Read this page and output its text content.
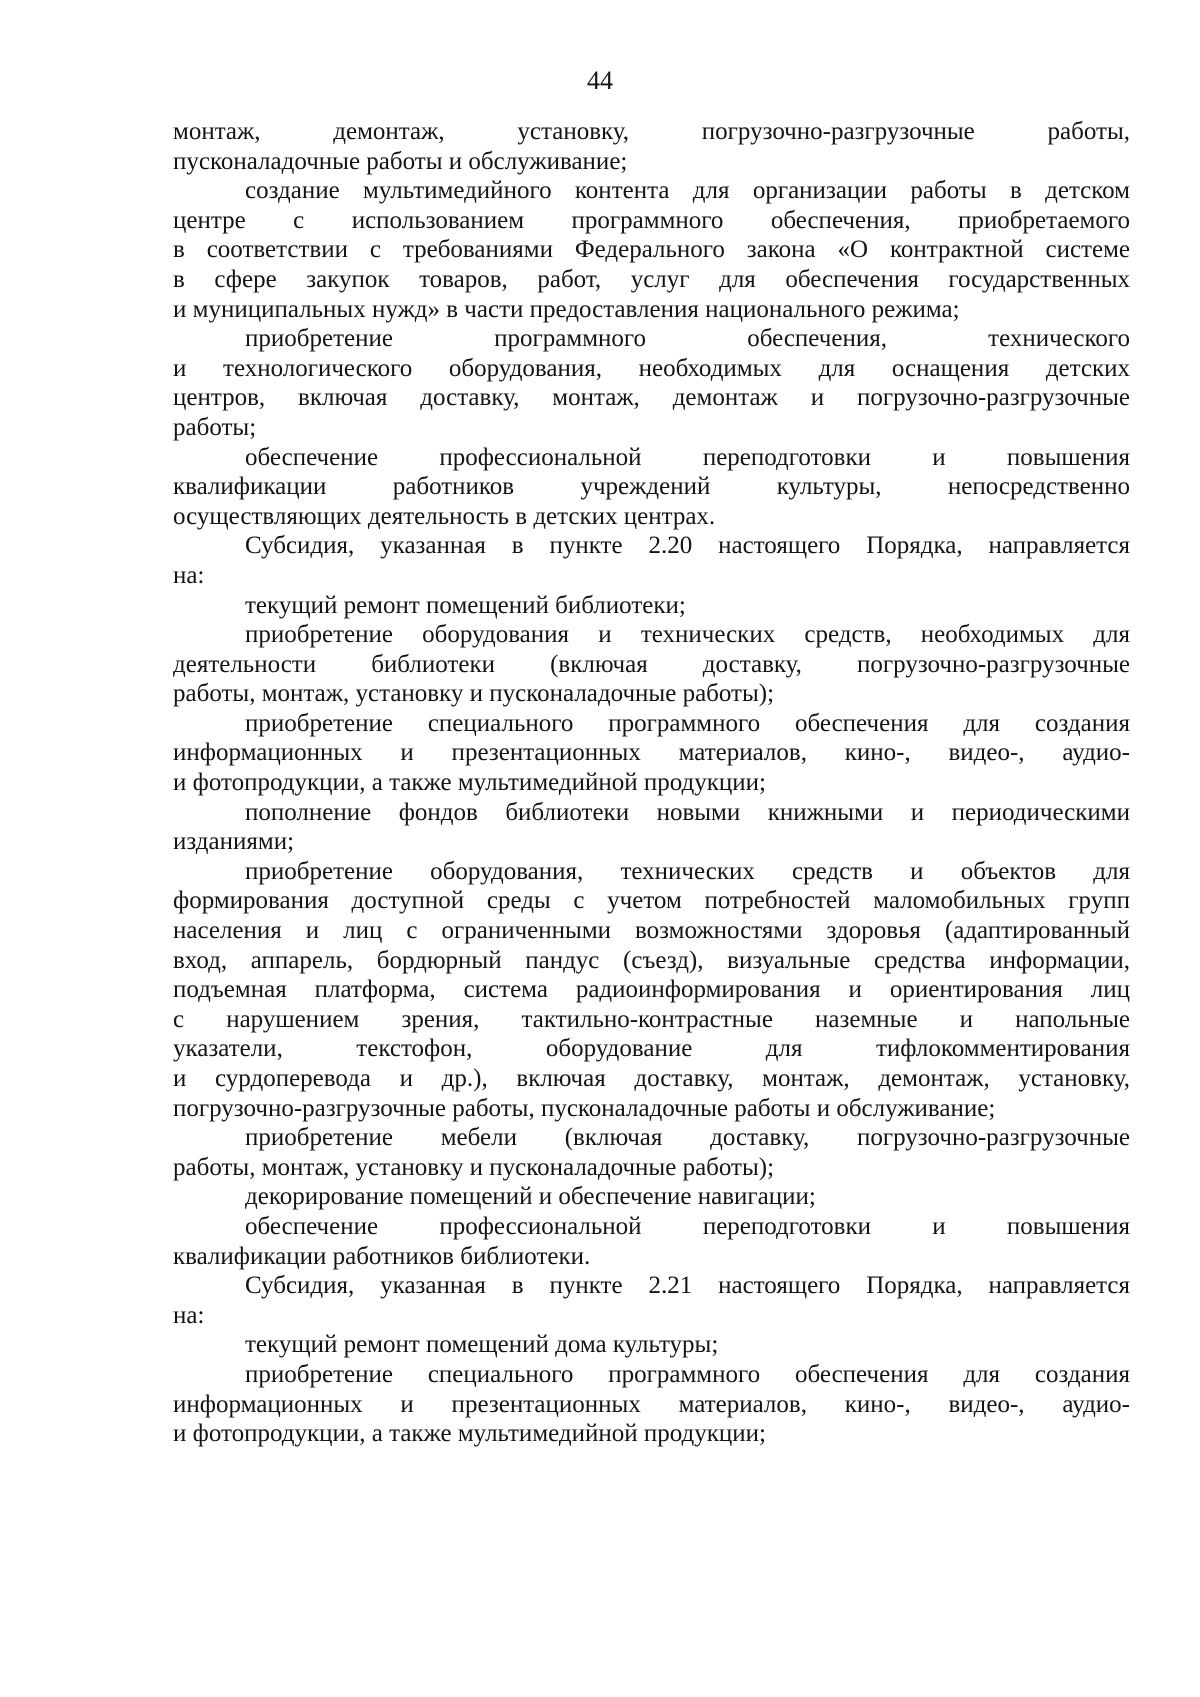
44
монтаж, демонтаж, установку, погрузочно-разгрузочные работы,
пусконаладочные работы и обслуживание;
создание мультимедийного контента для организации работы в детском
центре с использованием программного обеспечения, приобретаемого
в соответствии с требованиями Федерального закона «О контрактной системе
в сфере закупок товаров, работ, услуг для обеспечения государственных
и муниципальных нужд» в части предоставления национального режима;
приобретение программного обеспечения, технического
и технологического оборудования, необходимых для оснащения детских
центров, включая доставку, монтаж, демонтаж и погрузочно-разгрузочные
работы;
обеспечение профессиональной переподготовки и повышения
квалификации работников учреждений культуры, непосредственно
осуществляющих деятельность в детских центрах.
Субсидия, указанная в пункте 2.20 настоящего Порядка, направляется
на:
текущий ремонт помещений библиотеки;
приобретение оборудования и технических средств, необходимых для
деятельности библиотеки (включая доставку, погрузочно-разгрузочные
работы, монтаж, установку и пусконаладочные работы);
приобретение специального программного обеспечения для создания
информационных и презентационных материалов, кино-, видео-, аудио-
и фотопродукции, а также мультимедийной продукции;
пополнение фондов библиотеки новыми книжными и периодическими
изданиями;
приобретение оборудования, технических средств и объектов для
формирования доступной среды с учетом потребностей маломобильных групп
населения и лиц с ограниченными возможностями здоровья (адаптированный
вход, аппарель, бордюрный пандус (съезд), визуальные средства информации,
подъемная платформа, система радиоинформирования и ориентирования лиц
с нарушением зрения, тактильно-контрастные наземные и напольные
указатели, текстофон, оборудование для тифлокомментирования
и сурдоперевода и др.), включая доставку, монтаж, демонтаж, установку,
погрузочно-разгрузочные работы, пусконаладочные работы и обслуживание;
приобретение мебели (включая доставку, погрузочно-разгрузочные
работы, монтаж, установку и пусконаладочные работы);
декорирование помещений и обеспечение навигации;
обеспечение профессиональной переподготовки и повышения
квалификации работников библиотеки.
Субсидия, указанная в пункте 2.21 настоящего Порядка, направляется
на:
текущий ремонт помещений дома культуры;
приобретение специального программного обеспечения для создания
информационных и презентационных материалов, кино-, видео-, аудио-
и фотопродукции, а также мультимедийной продукции;
